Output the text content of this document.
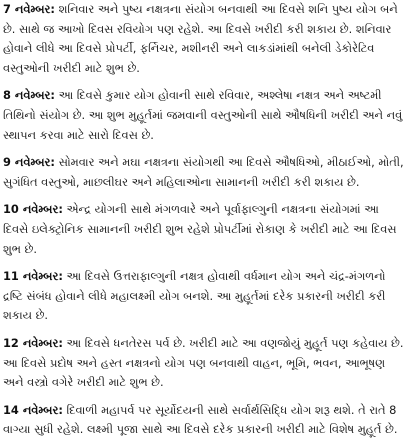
7 નવેમ્બર: શનિવાર અને પુષ્ય નક્ષત્રના સંયોગ બનવાથી આ દિવસે શનિ પુષ્ય યોગ બને છે. સાથે જ આખો દિવસ રવિયોગ પણ રહેશે. આ દિવસે ખરીદી કરી શકાય છે. શનિવાર હોવાને લીધે આ દિવસે પ્રોપર્ટી, ફર્નિચર, મશીનરી અને લાકડાંમાંથી બનેલી ડેકોરેટિવ વસ્તુઓની ખરીદી માટે શુભ છે.

8 નવેમ્બર: આ દિવસે કુમાર યોગ હોવાની સાથે રવિવાર, અશ્લેષા નક્ષત્ર અને અષ્ટમી તિથિનો સંયોગ છે. આ શુભ મુહૂર્તમાં જમવાની વસ્તુઓની સાથે ઔષધિની ખરીદી અને નવું સ્થાપન કરવા માટે સારો દિવસ છે.

9 નવેમ્બર: સોમવાર અને મઘા નક્ષત્રના સંયોગથી આ દિવસે ઔષધિઓ, મીઠાઈઓ, મોતી, સુગંધિત વસ્તુઓ, માછલીઘર અને મહિલાઓના સામાનની ખરીદી કરી શકાય છે.

10 નવેમ્બર: એન્દ્ર યોગની સાથે મંગળવારે અને પૂર્વાફાલ્ગુની નક્ષત્રના સંયોગમાં આ દિવસે ઇલેક્ટ્રોનિક સામાનની ખરીદી શુભ રહેશે પ્રોપર્ટીમાં રોકાણ કે ખરીદી માટે આ દિવસ શુભ છે.

11 નવેમ્બર: આ દિવસે ઉત્તરાફાલ્ગુની નક્ષત્ર હોવાથી વર્ધમાન યોગ અને ચંદ્ર-મંગળનો દ્રષ્ટિ સંબંધ હોવાને લીધે મહાલક્ષ્મી યોગ બનશે. આ મુહૂર્તમાં દરેક પ્રકારની ખરીદી કરી શકાય છે.

12 નવેમ્બર: આ દિવસે ધનતેરસ પર્વ છે. ખરીદી માટે આ વણજોયું મુહૂર્ત પણ કહેવાય છે. આ દિવસે પ્રદોષ અને હસ્ત નક્ષત્રનો યોગ પણ બનવાથી વાહન, ભૂમિ, ભવન, આભૂષણ અને વસ્ત્રો વગેરે ખરીદી માટે શુભ છે.

14 નવેમ્બર: દિવાળી મહાપર્વ પર સૂર્યોદયની સાથે સર્વાર્થસિદ્ધિ યોગ શરૂ થશે. તે રાતે 8 વાગ્યા સુધી રહેશે. લક્ષ્મી પૂજા સાથે આ દિવસે દરેક પ્રકારની ખરીદી માટે વિશેષ મુહૂર્ત છે.
